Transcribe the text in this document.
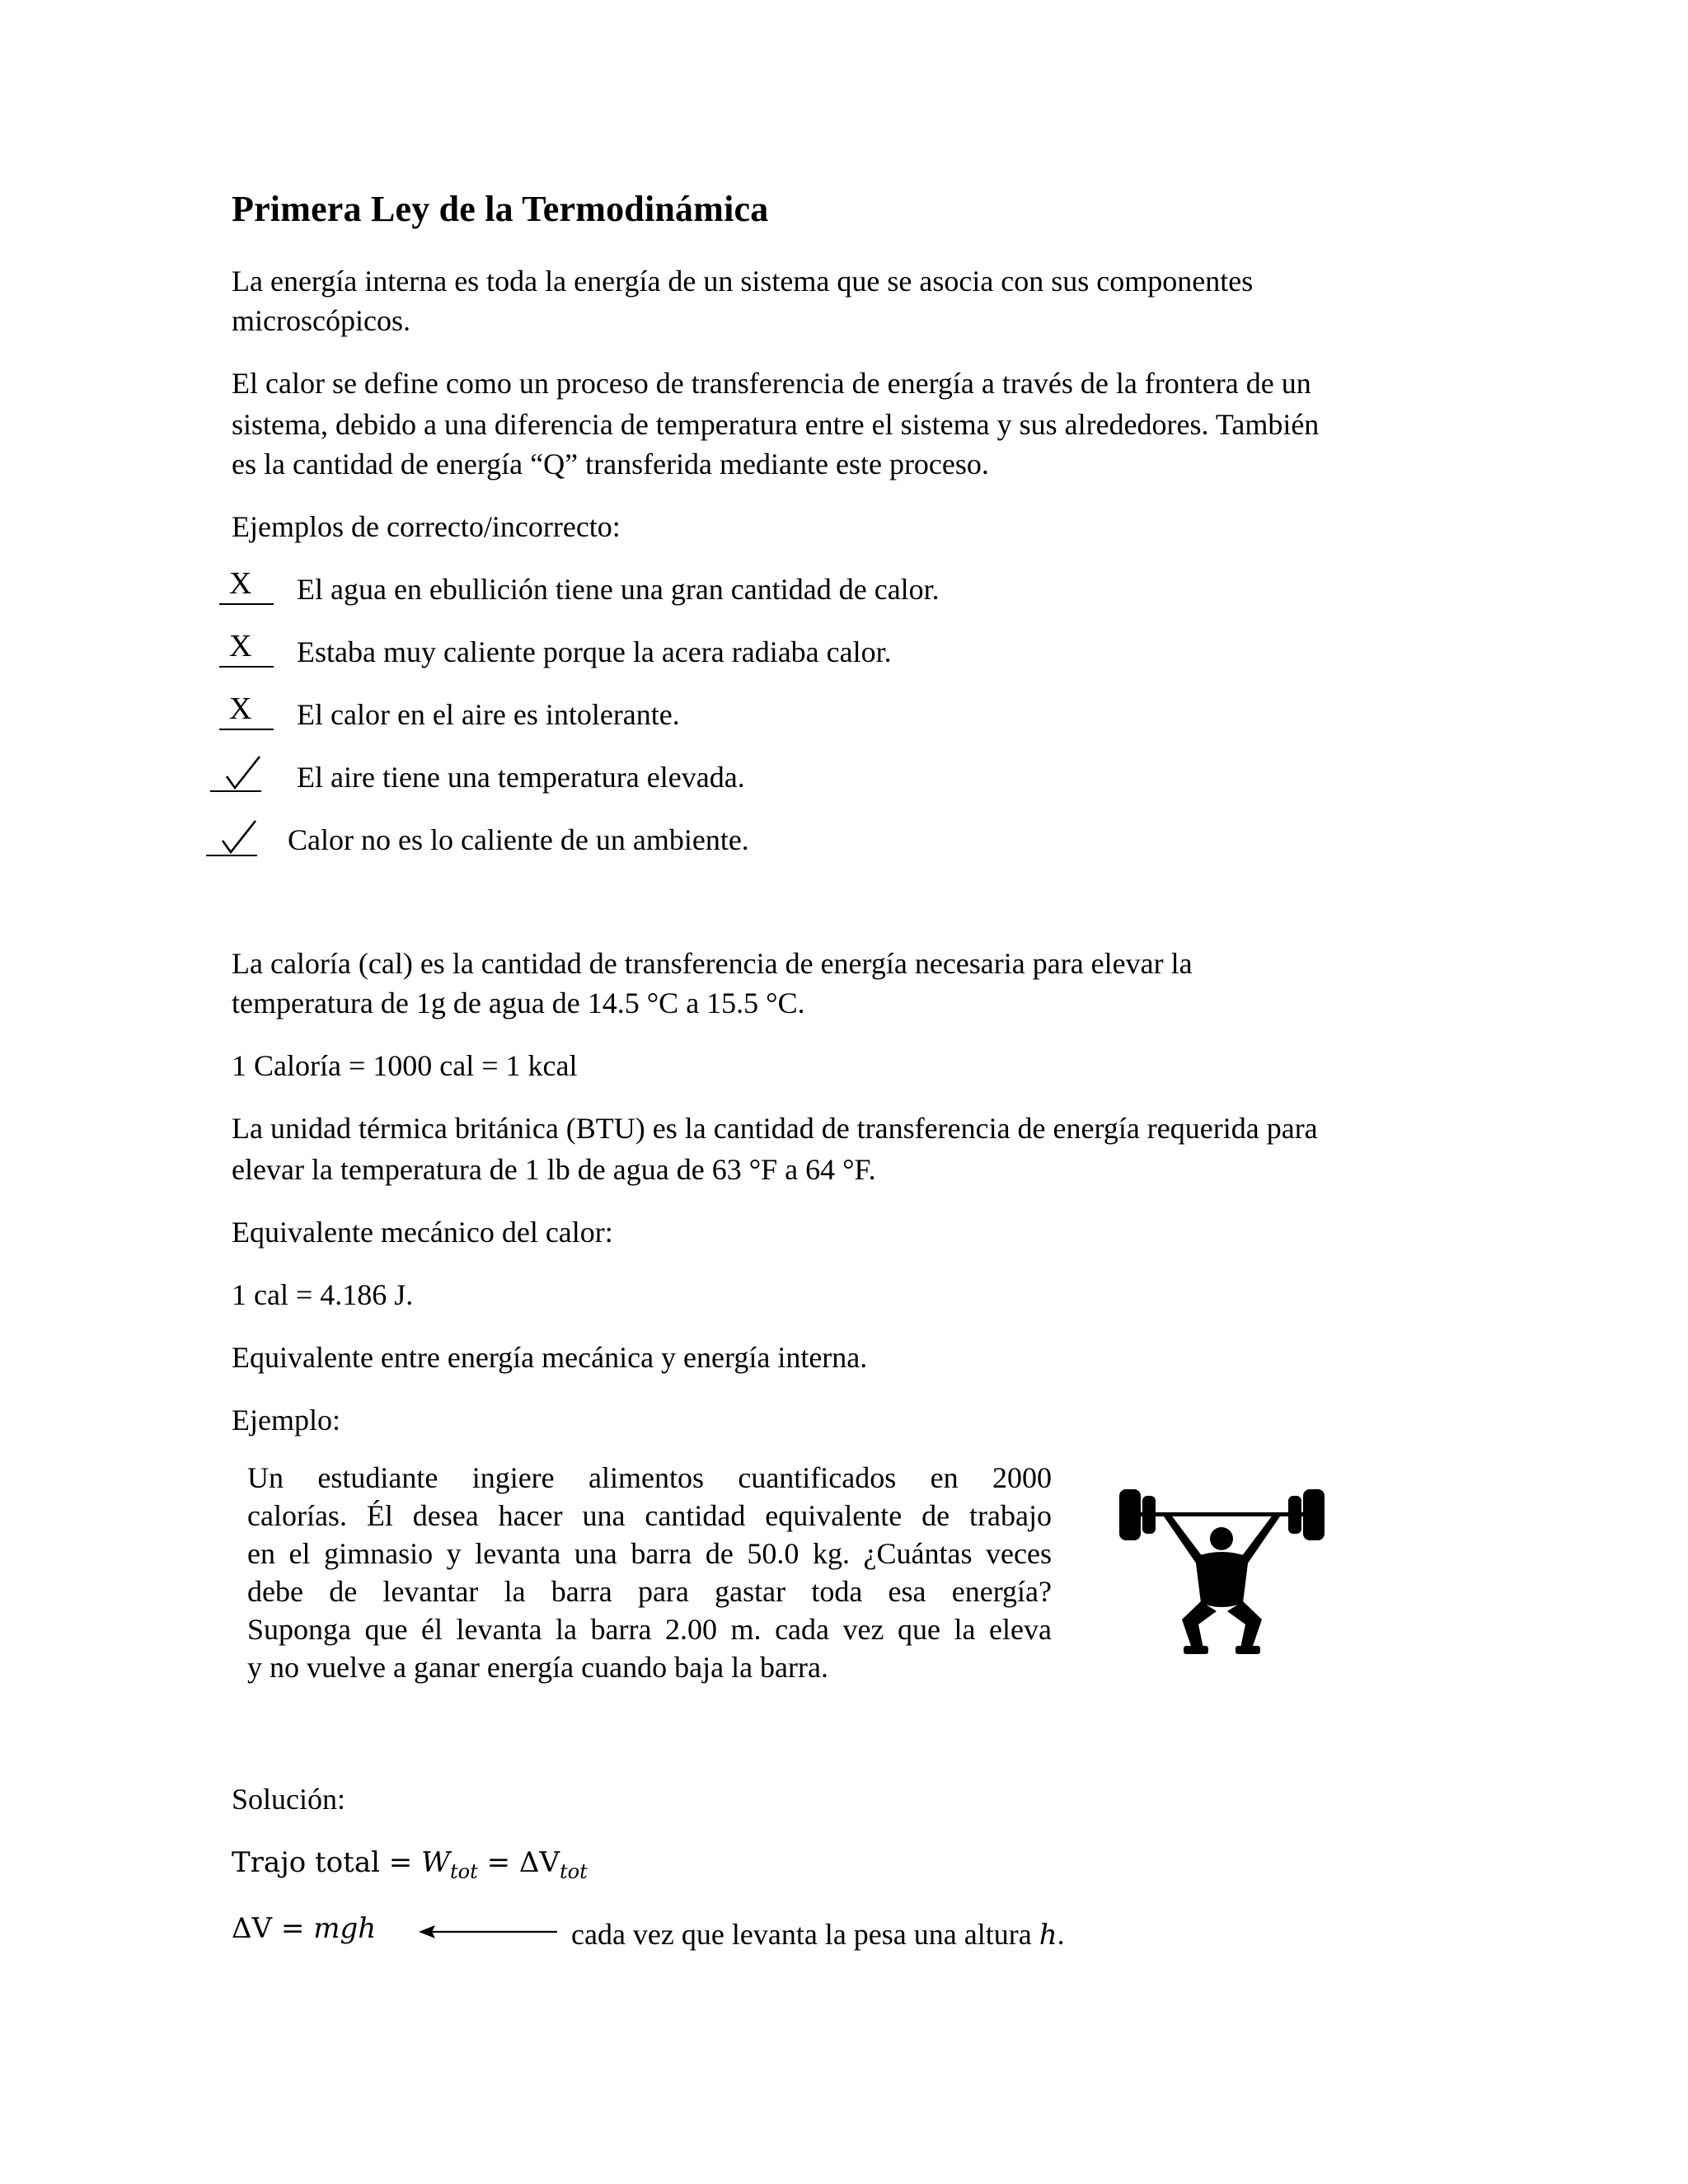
Primera Ley de la Termodinámica
La energía interna es toda la energía de un sistema que se asocia con sus componentes
microscópicos.
El calor se define como un proceso de transferencia de energía a través de la frontera de un
sistema, debido a una diferencia de temperatura entre el sistema y sus alrededores. También
es la cantidad de energía “Q” transferida mediante este proceso.
Ejemplos de correcto/incorrecto:
X El agua en ebullición tiene una gran cantidad de calor.
X Estaba muy caliente porque la acera radiaba calor.
X El calor en el aire es intolerante.
El aire tiene una temperatura elevada.
Calor no es lo caliente de un ambiente.
La caloría (cal) es la cantidad de transferencia de energía necesaria para elevar la
temperatura de 1g de agua de 14.5 °C a 15.5 °C.
1 Caloría = 1000 cal = 1 kcal
La unidad térmica británica (BTU) es la cantidad de transferencia de energía requerida para
elevar la temperatura de 1 lb de agua de 63 °F a 64 °F.
Equivalente mecánico del calor:
1 cal = 4.186 J.
Equivalente entre energía mecánica y energía interna.
Ejemplo:
Un estudiante ingiere alimentos cuantificados en 2000
calorías. Él desea hacer una cantidad equivalente de trabajo
en el gimnasio y levanta una barra de 50.0 kg. ¿Cuántas veces
debe de levantar la barra para gastar toda esa energía?
Suponga que él levanta la barra 2.00 m. cada vez que la eleva
y no vuelve a ganar energía cuando baja la barra.
Solución:
Trajo total = $W_{tot} = \Delta V_{tot}$
ΔV = mgh	cada vez que levanta la pesa una altura h.
